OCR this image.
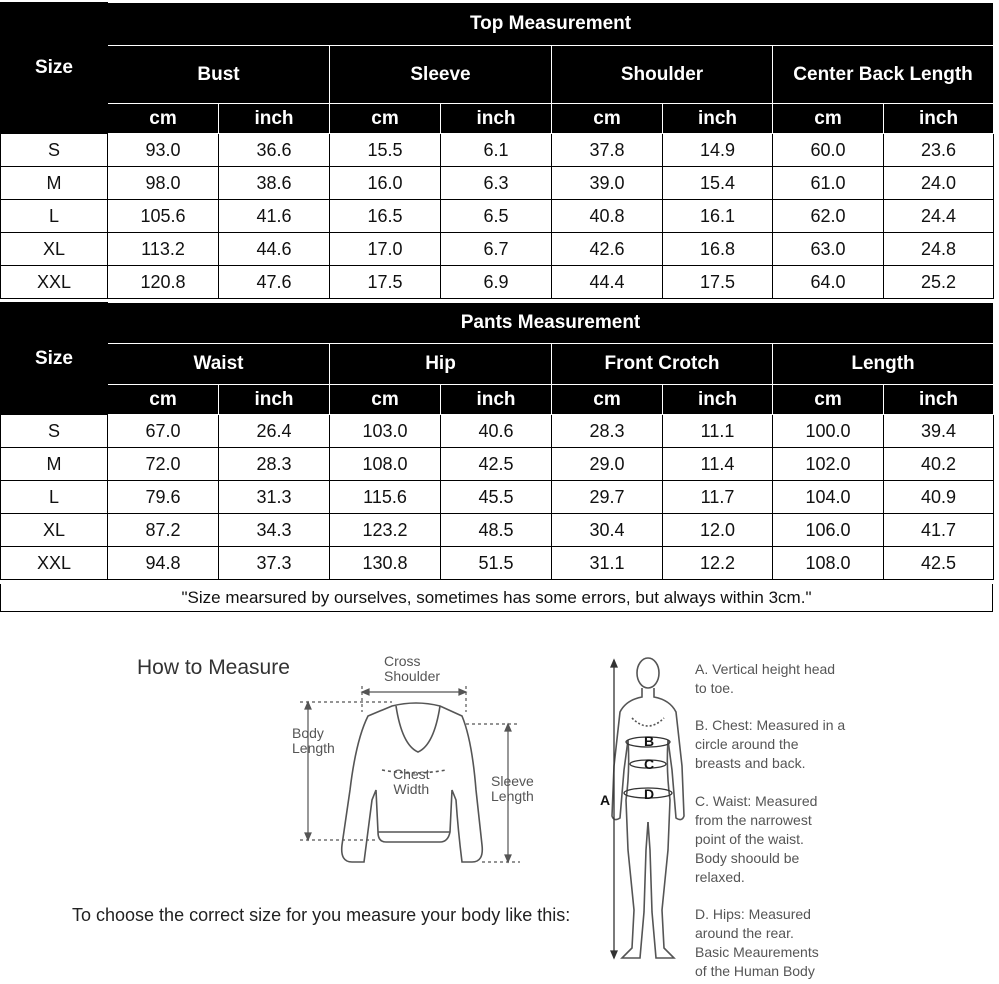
Size	Top Measurement							
	Bust		Sleeve		Shoulder		Center Back Length	
	cm	inch	cm	inch	cm	inch	cm	inch
S	93.0	36.6	15.5	6.1	37.8	14.9	60.0	23.6
M	98.0	38.6	16.0	6.3	39.0	15.4	61.0	24.0
L	105.6	41.6	16.5	6.5	40.8	16.1	62.0	24.4
XL	113.2	44.6	17.0	6.7	42.6	16.8	63.0	24.8
XXL	120.8	47.6	17.5	6.9	44.4	17.5	64.0	25.2
Size	Pants Measurement							
	Waist		Hip		Front Crotch		Length	
	cm	inch	cm	inch	cm	inch	cm	inch
S	67.0	26.4	103.0	40.6	28.3	11.1	100.0	39.4
M	72.0	28.3	108.0	42.5	29.0	11.4	102.0	40.2
L	79.6	31.3	115.6	45.5	29.7	11.7	104.0	40.9
XL	87.2	34.3	123.2	48.5	30.4	12.0	106.0	41.7
XXL	94.8	37.3	130.8	51.5	31.1	12.2	108.0	42.5
"Size mearsured by ourselves, sometimes has some errors, but always within 3cm."
How to Measure
To choose the correct size for you measure your body like this:
Cross
Shoulder
Body
Length
Chest
Width	Sleeve
Length	A
B
C
D
A. Vertical height head
to toe.
B. Chest: Measured in a
circle around the
breasts and back.
C. Waist: Measured
from the narrowest
point of the waist.
Body shoould be
relaxed.
D. Hips: Measured
around the rear.
Basic Meaurements
of the Human Body
